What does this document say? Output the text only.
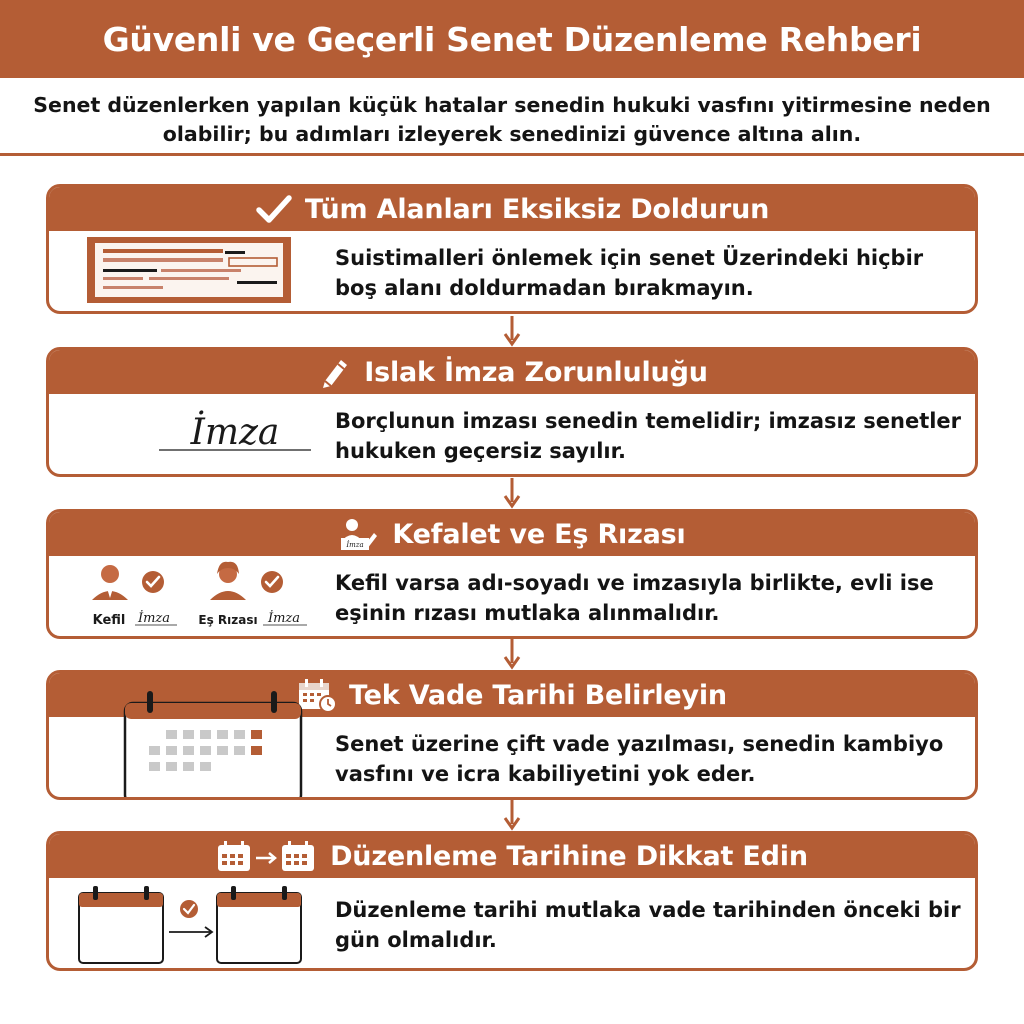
Güvenli ve Geçerli Senet Düzenleme Rehberi

Senet düzenlerken yapılan küçük hatalar senedin hukuki vasfını yitirmesine neden olabilir; bu adımları izleyerek senedinizi güvence altına alın.

Tüm Alanları Eksiksiz Doldurun

Suistimalleri önlemek için senet Üzerindeki hiçbir boş alanı doldurmadan bırakmayın.

Islak İmza Zorunluluğu
İmza	Borçlunun imzası senedin temelidir; imzasız senetler hukuken geçersiz sayılır.

İmza Kefalet ve Eş Rızası
Kefil İmza Eş Rızası İmza

Kefil varsa adı-soyadı ve imzasıyla birlikte, evli ise eşinin rızası mutlaka alınmalıdır.

Tek Vade Tarihi Belirleyin

Senet üzerine çift vade yazılması, senedin kambiyo vasfını ve icra kabiliyetini yok eder.

Düzenleme Tarihine Dikkat Edin

Düzenleme tarihi mutlaka vade tarihinden önceki bir gün olmalıdır.
